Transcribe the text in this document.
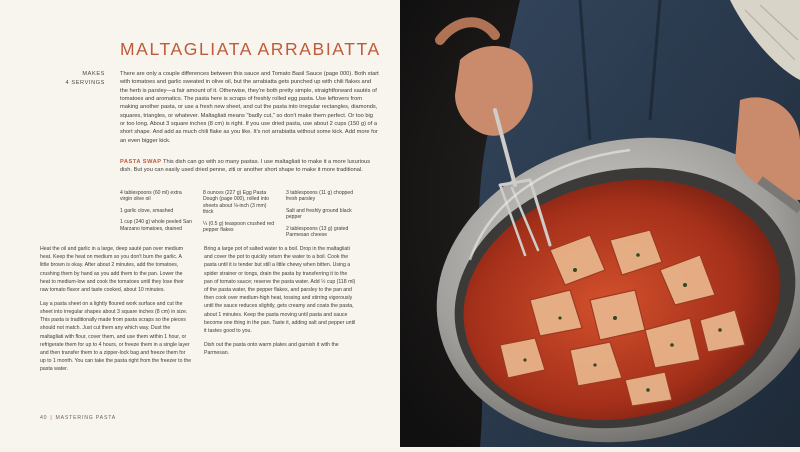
MALTAGLIATA ARRABIATTA
MAKES
4 SERVINGS
There are only a couple differences between this sauce and Tomato Basil Sauce (page 000). Both start with tomatoes and garlic sweated in olive oil, but the arrabiatta gets punched up with chili flakes and the herb is parsley—a fair amount of it. Otherwise, they're both pretty simple, straightforward sautés of tomatoes and aromatics. The pasta here is scraps of freshly rolled egg pasta. Use leftovers from making another pasta, or use a fresh new sheet, and cut the pasta into irregular rectangles, diamonds, squares, triangles, or whatever. Maltagliati means "badly cut," so don't make them perfect. Or too big or too long. About 3 square inches (8 cm) is right. If you use dried pasta, use about 2 cups (150 g) of a short shape. And add as much chili flake as you like. It's not arrabiatta without some kick. Add more for an even bigger kick.
PASTA SWAP This dish can go with so many pastas. I use maltagliati to make it a more luxurious dish. But you can easily used dried penne, ziti or another short shape to make it more traditional.

4 tablespoons (60 ml) extra virgin olive oil

1 garlic clove, smashed

1 cup (240 g) whole peeled San Marzano tomatoes, drained

8 ounces (227 g) Egg Pasta Dough (page 000), rolled into sheets about ⅛-inch (3 mm) thick

¼ (0.5 g) teaspoon crushed red pepper flakes

3 tablespoons (11 g) chopped fresh parsley

Salt and freshly ground black pepper

2 tablespoons (13 g) grated Parmesan cheese

Heat the oil and garlic in a large, deep sauté pan over medium heat. Keep the heat on medium so you don't burn the garlic. A little brown is okay. After about 2 minutes, add the tomatoes, crushing them by hand as you add them to the pan. Lower the heat to medium-low and cook the tomatoes until they lose their raw tomato flavor and taste cooked, about 10 minutes.

Lay a pasta sheet on a lightly floured work surface and cut the sheet into irregular shapes about 3 square inches (8 cm) in size. This pasta is traditionally made from pasta scraps so the pieces should not match. Just cut them any which way. Dust the maltagliati with flour, cover them, and use them within 1 hour, or refrigerate them for up to 4 hours, or freeze them in a single layer and then transfer them to a zipper-lock bag and freeze them for up to 1 month. You can take the pasta right from the freezer to the pasta water.

Bring a large pot of salted water to a boil. Drop in the maltagliati and cover the pot to quickly return the water to a boil. Cook the pasta until it is tender but still a little chewy when bitten. Using a spider strainer or tongs, drain the pasta by transferring it to the pan of tomato sauce; reserve the pasta water. Add ½ cup (118 ml) of the pasta water, the pepper flakes, and parsley to the pan and then cook over medium-high heat, tossing and stirring vigorously until the sauce reduces slightly, gets creamy and coats the pasta, about 1 minutes. Keep the pasta moving until pasta and sauce become one thing in the pan. Taste it, adding salt and pepper until it tastes good to you.

Dish out the pasta onto warm plates and garnish it with the Parmesan.

40 | MASTERING PASTA
